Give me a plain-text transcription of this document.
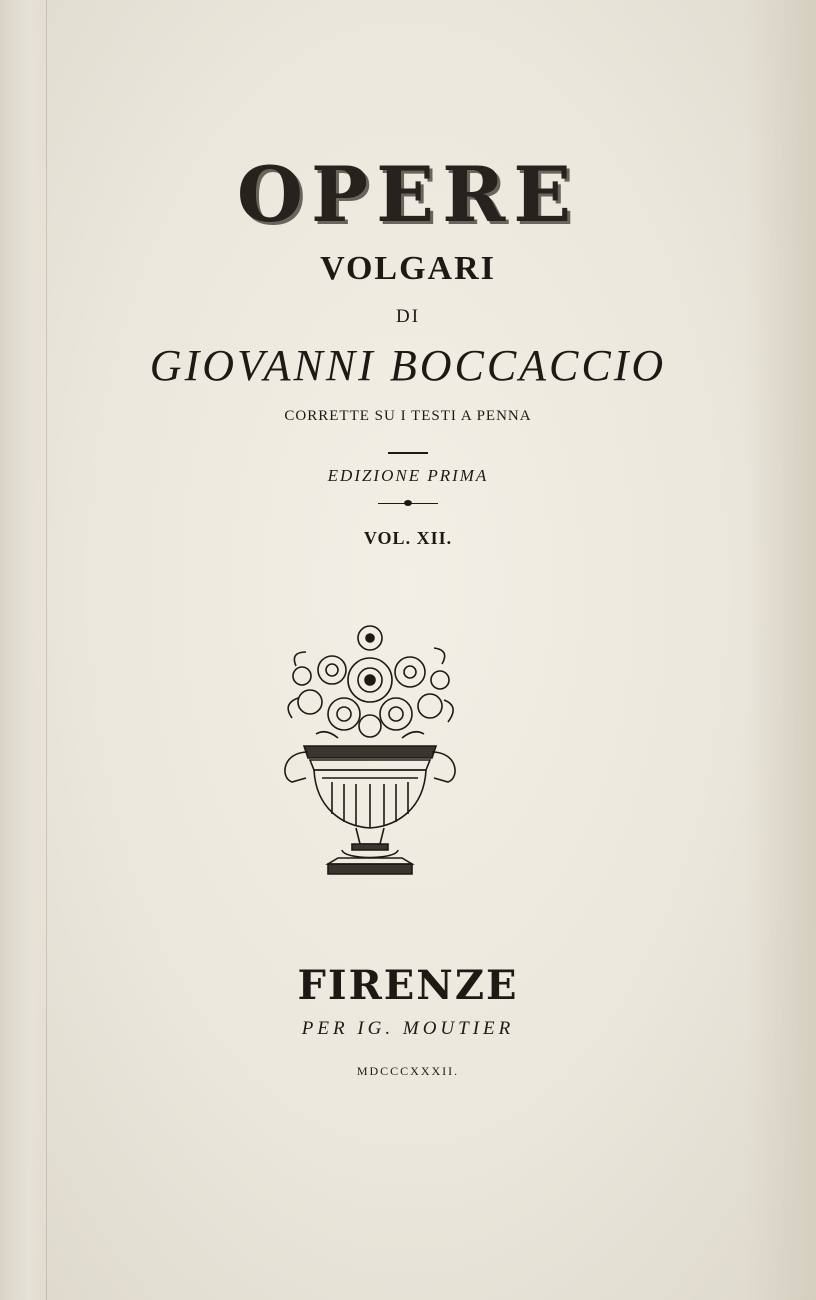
OPERE
VOLGARI
DI
GIOVANNI BOCCACCIO
CORRETTE SU I TESTI A PENNA
EDIZIONE PRIMA
VOL. XII.
FIRENZE
PER IG. MOUTIER
MDCCCXXXII.
